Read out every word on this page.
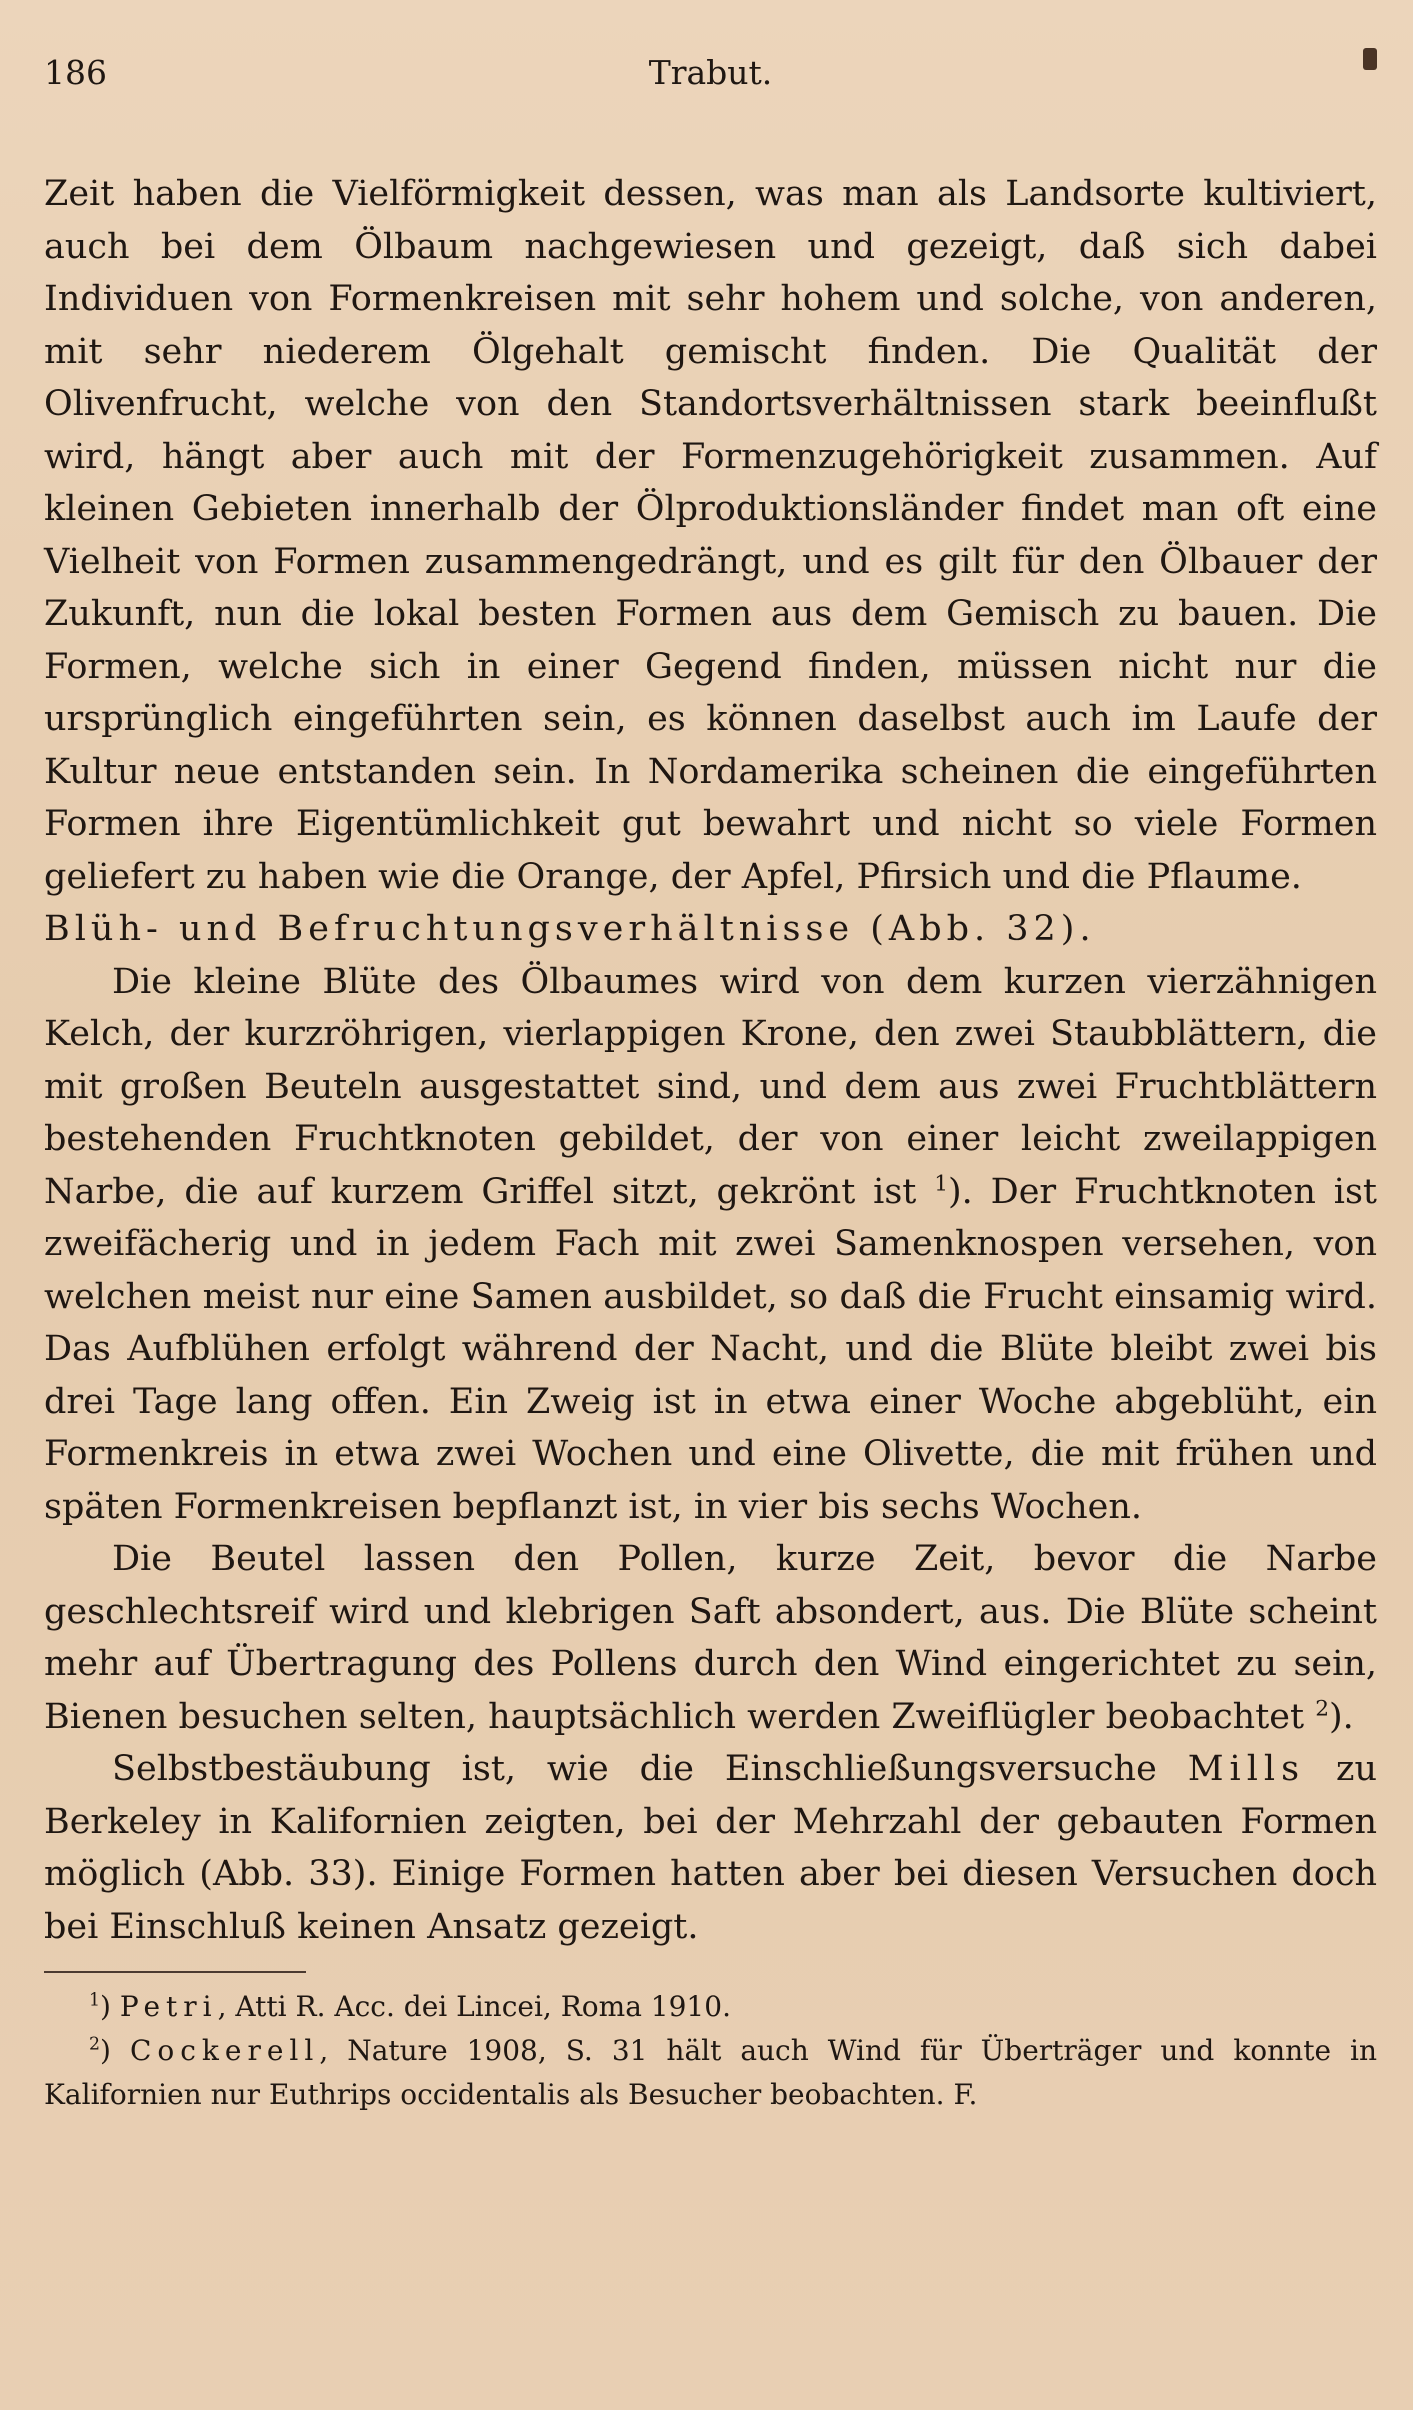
186	Trabut.

Zeit haben die Vielförmigkeit dessen, was man als Landsorte kultiviert, auch bei dem Ölbaum nachgewiesen und gezeigt, daß sich dabei Individuen von Formenkreisen mit sehr hohem und solche, von anderen, mit sehr niederem Ölgehalt gemischt finden. Die Qualität der Olivenfrucht, welche von den Standortsverhältnissen stark beeinflußt wird, hängt aber auch mit der Formenzugehörigkeit zusammen. Auf kleinen Gebieten innerhalb der Ölproduktionsländer findet man oft eine Vielheit von Formen zusammengedrängt, und es gilt für den Ölbauer der Zukunft, nun die lokal besten Formen aus dem Gemisch zu bauen. Die Formen, welche sich in einer Gegend finden, müssen nicht nur die ursprünglich eingeführten sein, es können daselbst auch im Laufe der Kultur neue entstanden sein. In Nordamerika scheinen die eingeführten Formen ihre Eigentümlichkeit gut bewahrt und nicht so viele Formen geliefert zu haben wie die Orange, der Apfel, Pfirsich und die Pflaume.

Blüh- und Befruchtungsverhältnisse (Abb. 32).

Die kleine Blüte des Ölbaumes wird von dem kurzen vierzähnigen Kelch, der kurzröhrigen, vierlappigen Krone, den zwei Staubblättern, die mit großen Beuteln ausgestattet sind, und dem aus zwei Fruchtblättern bestehenden Fruchtknoten gebildet, der von einer leicht zweilappigen Narbe, die auf kurzem Griffel sitzt, gekrönt ist $^1$). Der Fruchtknoten ist zweifächerig und in jedem Fach mit zwei Samenknospen versehen, von welchen meist nur eine Samen ausbildet, so daß die Frucht einsamig wird. Das Aufblühen erfolgt während der Nacht, und die Blüte bleibt zwei bis drei Tage lang offen. Ein Zweig ist in etwa einer Woche abgeblüht, ein Formenkreis in etwa zwei Wochen und eine Olivette, die mit frühen und späten Formenkreisen bepflanzt ist, in vier bis sechs Wochen.

Die Beutel lassen den Pollen, kurze Zeit, bevor die Narbe geschlechtsreif wird und klebrigen Saft absondert, aus. Die Blüte scheint mehr auf Übertragung des Pollens durch den Wind eingerichtet zu sein, Bienen besuchen selten, hauptsächlich werden Zweiflügler beobachtet $^2$).

Selbstbestäubung ist, wie die Einschließungsversuche Mills zu Berkeley in Kalifornien zeigten, bei der Mehrzahl der gebauten Formen möglich (Abb. 33). Einige Formen hatten aber bei diesen Versuchen doch bei Einschluß keinen Ansatz gezeigt.

$^1$) Petri, Atti R. Acc. dei Lincei, Roma 1910.

$^2$) Cockerell, Nature 1908, S. 31 hält auch Wind für Überträger und konnte in Kalifornien nur Euthrips occidentalis als Besucher beobachten. F.
